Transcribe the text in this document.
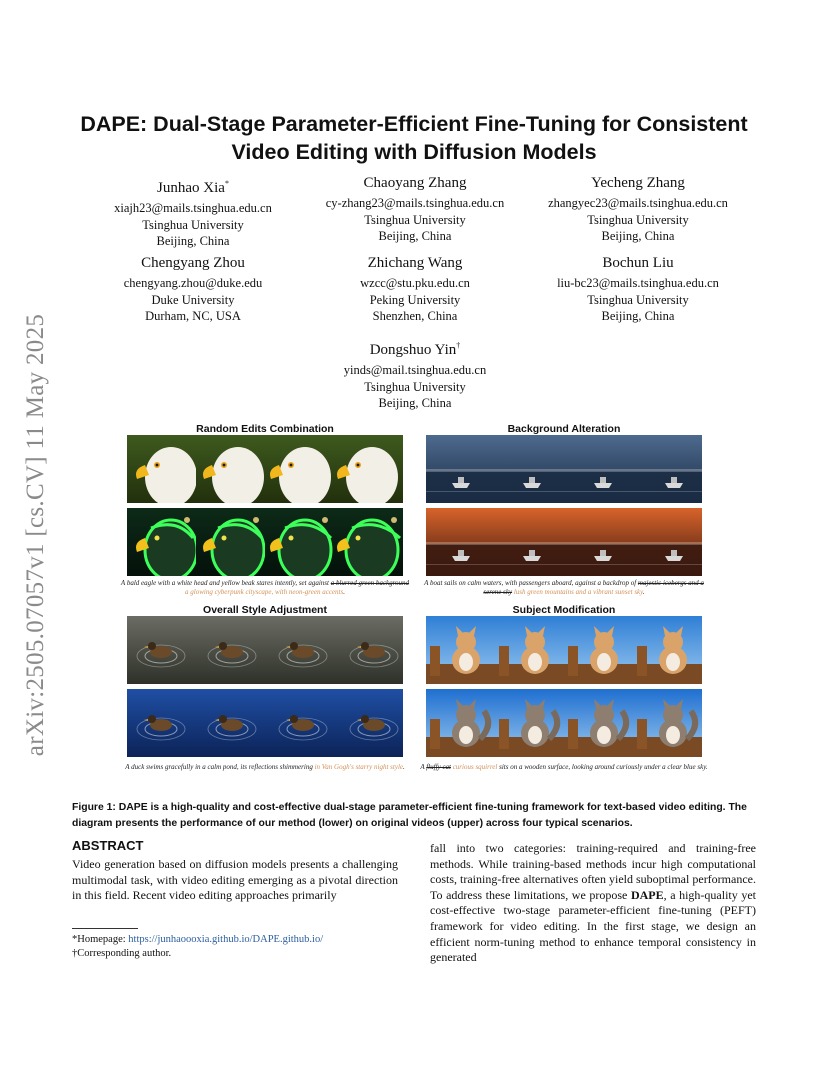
arXiv:2505.07057v1 [cs.CV] 11 May 2025
DAPE: Dual-Stage Parameter-Efficient Fine-Tuning for Consistent Video Editing with Diffusion Models
Junhao Xia*
xiajh23@mails.tsinghua.edu.cn
Tsinghua University
Beijing, China
Chaoyang Zhang
cy-zhang23@mails.tsinghua.edu.cn
Tsinghua University
Beijing, China
Yecheng Zhang
zhangyec23@mails.tsinghua.edu.cn
Tsinghua University
Beijing, China
Chengyang Zhou
chengyang.zhou@duke.edu
Duke University
Durham, NC, USA
Zhichang Wang
wzcc@stu.pku.edu.cn
Peking University
Shenzhen, China
Bochun Liu
liu-bc23@mails.tsinghua.edu.cn
Tsinghua University
Beijing, China
Dongshuo Yin†
yinds@mail.tsinghua.edu.cn
Tsinghua University
Beijing, China
Random Edits Combination
A bald eagle with a white head and yellow beak stares intently, set against a blurred green background a glowing cyberpunk cityscape, with neon-green accents.
Background Alteration
A boat sails on calm waters, with passengers aboard, against a backdrop of majestic icebergs and a serene sky lush green mountains and a vibrant sunset sky.
Overall Style Adjustment
A duck swims gracefully in a calm pond, its reflections shimmering in Van Gogh's starry night style.
Subject Modification
A fluffy cat curious squirrel sits on a wooden surface, looking around curiously under a clear blue sky.
Figure 1: DAPE is a high-quality and cost-effective dual-stage parameter-efficient fine-tuning framework for text-based video editing. The diagram presents the performance of our method (lower) on original videos (upper) across four typical scenarios.
ABSTRACT
Video generation based on diffusion models presents a challenging multimodal task, with video editing emerging as a pivotal direction in this field. Recent video editing approaches primarily
fall into two categories: training-required and training-free methods. While training-based methods incur high computational costs, training-free alternatives often yield suboptimal performance. To address these limitations, we propose DAPE, a high-quality yet cost-effective two-stage parameter-efficient fine-tuning (PEFT) framework for video editing. In the first stage, we design an efficient norm-tuning method to enhance temporal consistency in generated
*Homepage: https://junhaoooxia.github.io/DAPE.github.io/
†Corresponding author.
